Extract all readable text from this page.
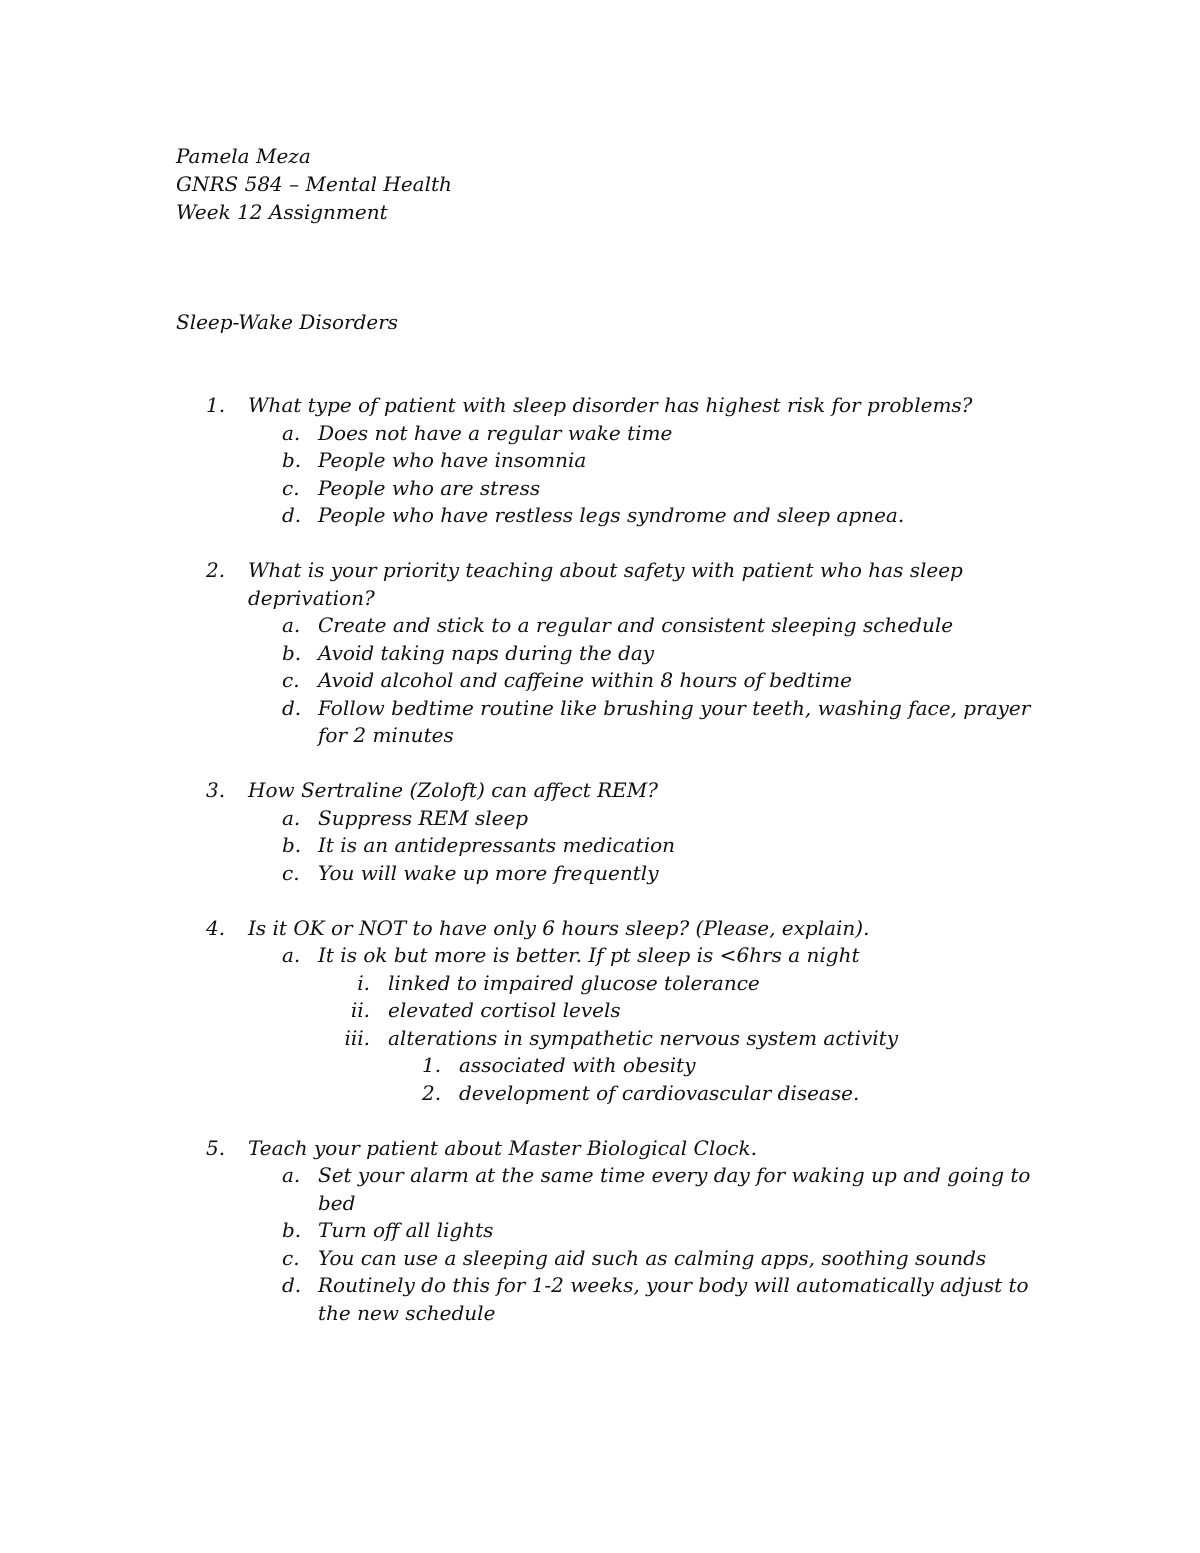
Pamela Meza
GNRS 584 – Mental Health
Week 12 Assignment
Sleep-Wake Disorders
1.	What type of patient with sleep disorder has highest risk for problems?
a. Does not have a regular wake time
b. People who have insomnia
c. People who are stress
d. People who have restless legs syndrome and sleep apnea.
2.	What is your priority teaching about safety with patient who has sleep deprivation?
a. Create and stick to a regular and consistent sleeping schedule
b. Avoid taking naps during the day
c. Avoid alcohol and caffeine within 8 hours of bedtime
d. Follow bedtime routine like brushing your teeth, washing face, prayer for 2 minutes
3.	How Sertraline (Zoloft) can affect REM?
a. Suppress REM sleep
b. It is an antidepressants medication
c. You will wake up more frequently
4.	Is it OK or NOT to have only 6 hours sleep? (Please, explain).
a. It is ok but more is better. If pt sleep is <6hrs a night
i. linked to impaired glucose tolerance
ii. elevated cortisol levels
iii. alterations in sympathetic nervous system activity
1. associated with obesity
2. development of cardiovascular disease.
5.	Teach your patient about Master Biological Clock.
a. Set your alarm at the same time every day for waking up and going to bed
b. Turn off all lights
c. You can use a sleeping aid such as calming apps, soothing sounds
d. Routinely do this for 1-2 weeks, your body will automatically adjust to the new schedule
